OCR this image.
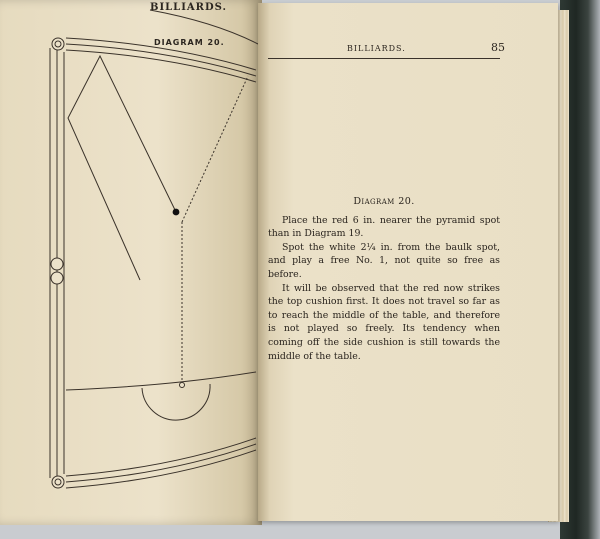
BILLIARDS.

DIAGRAM 20.
BILLIARDS.	85
Diagram 20.

Place the red 6 in. nearer the pyramid spot than in Diagram 19.

Spot the white 2¼ in. from the baulk spot, and play a free No. 1, not quite so free as before.

It will be observed that the red now strikes the top cushion first. It does not travel so far as to reach the middle of the table, and therefore is not played so freely. Its tendency when coming off the side cushion is still towards the middle of the table.
